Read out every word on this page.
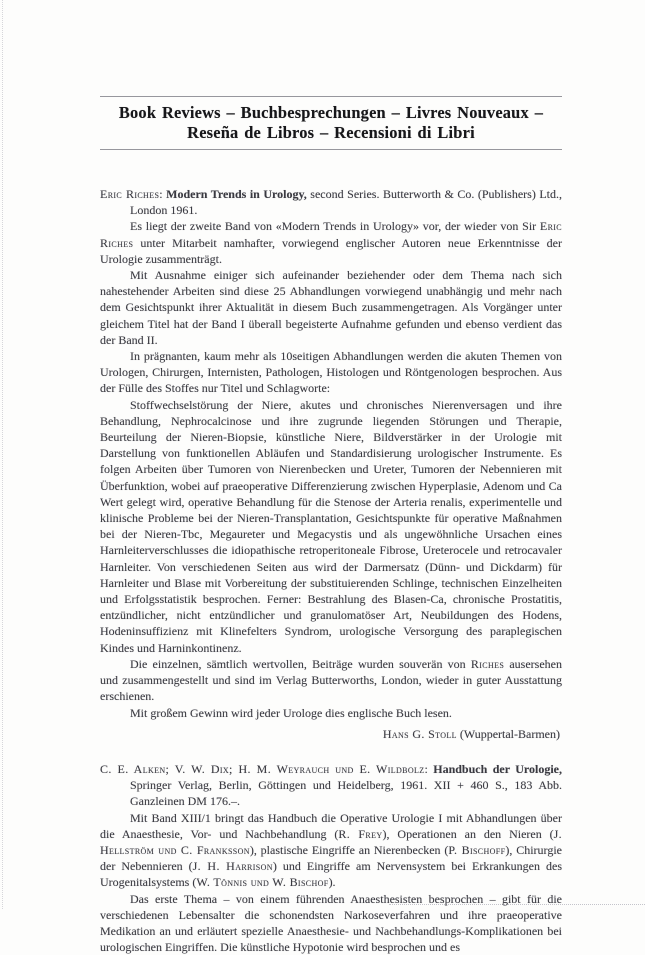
Book Reviews – Buchbesprechungen – Livres Nouveaux –
Reseña de Libros – Recensioni di Libri

Eric Riches: Modern Trends in Urology, second Series. Butterworth & Co. (Publishers) Ltd., London 1961.

Es liegt der zweite Band von «Modern Trends in Urology» vor, der wieder von Sir Eric Riches unter Mitarbeit namhafter, vorwiegend englischer Autoren neue Erkenntnisse der Urologie zusammenträgt.

Mit Ausnahme einiger sich aufeinander beziehender oder dem Thema nach sich nahestehender Arbeiten sind diese 25 Abhandlungen vorwiegend unabhängig und mehr nach dem Gesichtspunkt ihrer Aktualität in diesem Buch zusammengetragen. Als Vorgänger unter gleichem Titel hat der Band I überall begeisterte Aufnahme gefunden und ebenso verdient das der Band II.

In prägnanten, kaum mehr als 10seitigen Abhandlungen werden die akuten Themen von Urologen, Chirurgen, Internisten, Pathologen, Histologen und Röntgenologen besprochen. Aus der Fülle des Stoffes nur Titel und Schlagworte:

Stoffwechselstörung der Niere, akutes und chronisches Nierenversagen und ihre Behandlung, Nephrocalcinose und ihre zugrunde liegenden Störungen und Therapie, Beurteilung der Nieren-Biopsie, künstliche Niere, Bildverstärker in der Urologie mit Darstellung von funktionellen Abläufen und Standardisierung urologischer Instrumente. Es folgen Arbeiten über Tumoren von Nierenbecken und Ureter, Tumoren der Nebennieren mit Überfunktion, wobei auf praeoperative Differenzierung zwischen Hyperplasie, Adenom und Ca Wert gelegt wird, operative Behandlung für die Stenose der Arteria renalis, experimentelle und klinische Probleme bei der Nieren-Transplantation, Gesichtspunkte für operative Maßnahmen bei der Nieren-Tbc, Megaureter und Megacystis und als ungewöhnliche Ursachen eines Harnleiterverschlusses die idiopathische retroperitoneale Fibrose, Ureterocele und retrocavaler Harnleiter. Von verschiedenen Seiten aus wird der Darmersatz (Dünn- und Dickdarm) für Harnleiter und Blase mit Vorbereitung der substituierenden Schlinge, technischen Einzelheiten und Erfolgsstatistik besprochen. Ferner: Bestrahlung des Blasen-Ca, chronische Prostatitis, entzündlicher, nicht entzündlicher und granulomatöser Art, Neubildungen des Hodens, Hodeninsuffizienz mit Klinefelters Syndrom, urologische Versorgung des paraplegischen Kindes und Harninkontinenz.

Die einzelnen, sämtlich wertvollen, Beiträge wurden souverän von Riches ausersehen und zusammengestellt und sind im Verlag Butterworths, London, wieder in guter Ausstattung erschienen.

Mit großem Gewinn wird jeder Urologe dies englische Buch lesen.

Hans G. Stoll (Wuppertal-Barmen)

C. E. Alken; V. W. Dix; H. M. Weyrauch und E. Wildbolz: Handbuch der Urologie, Springer Verlag, Berlin, Göttingen und Heidelberg, 1961. XII + 460 S., 183 Abb. Ganzleinen DM 176.–.

Mit Band XIII/1 bringt das Handbuch die Operative Urologie I mit Abhandlungen über die Anaesthesie, Vor- und Nachbehandlung (R. Frey), Operationen an den Nieren (J. Hellström und C. Franksson), plastische Eingriffe an Nierenbecken (P. Bischoff), Chirurgie der Nebennieren (J. H. Harrison) und Eingriffe am Nervensystem bei Erkrankungen des Urogenitalsystems (W. Tönnis und W. Bischof).

Das erste Thema – von einem führenden Anaesthesisten besprochen – gibt für die verschiedenen Lebensalter die schonendsten Narkoseverfahren und ihre praeoperative Medikation an und erläutert spezielle Anaesthesie- und Nachbehandlungs-Komplikationen bei urologischen Eingriffen. Die künstliche Hypotonie wird besprochen und es
